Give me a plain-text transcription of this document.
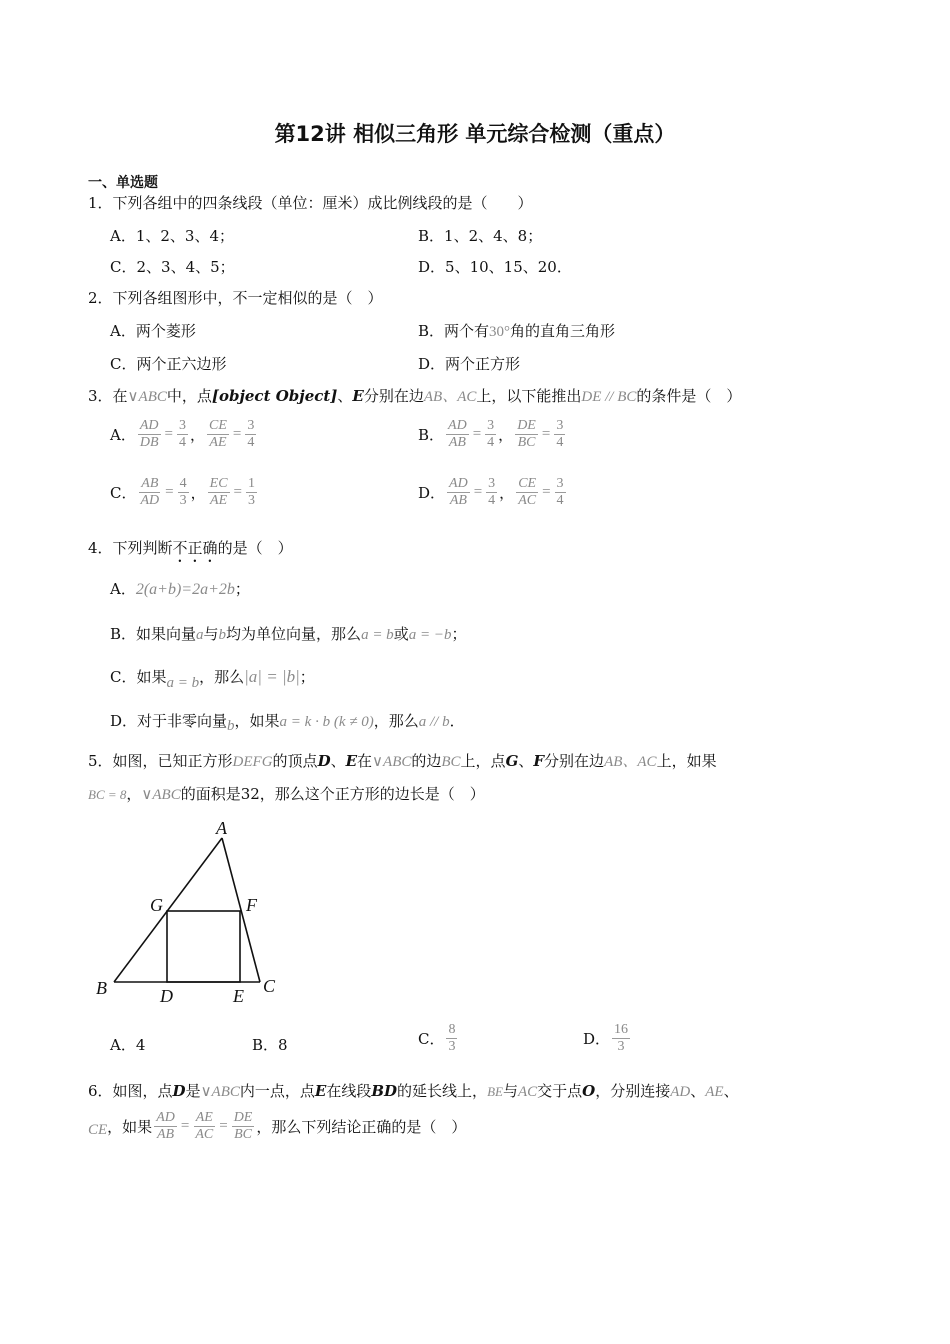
第12讲 相似三角形 单元综合检测（重点）
一、单选题
1．下列各组中的四条线段（单位：厘米）成比例线段的是（　　）
A．1、2、3、4；	B．1、2、4、8；
C．2、3、4、5；	D．5、10、15、20．
2．下列各组图形中，不一定相似的是（　）
A．两个菱形	B．两个有30°角的直角三角形
C．两个正六边形	D．两个正方形
3．在∨ABC中，点[object Object]、E分别在边AB、AC上，以下能推出DE // BC的条件是（　）
A． $\frac{AD}{DB} = \frac{3}{4}$ ， $\frac{CE}{AE} = \frac{3}{4}$	B． $\frac{AD}{AB} = \frac{3}{4}$ ， $\frac{DE}{BC} = \frac{3}{4}$
C． $\frac{AB}{AD} = \frac{4}{3}$ ， $\frac{EC}{AE} = \frac{1}{3}$	D． $\frac{AD}{AB} = \frac{3}{4}$ ， $\frac{CE}{AC} = \frac{3}{4}$
4．下列判断不正确的是（　）
A．2(a+b)=2a+2b；
B．如果向量a与b均为单位向量，那么a = b或a = −b；
C．如果a = b，那么|a| = |b|；
D．对于非零向量b，如果a = k · b (k ≠ 0)，那么a // b．
5．如图，已知正方形DEFG的顶点D、E在∨ABC的边BC上，点G、F分别在边AB、AC上，如果
BC = 8，∨ABC的面积是32，那么这个正方形的边长是（　）
A
B	C
D	E
F
G
A．4	B．8	C． $\frac{8}{3}$	D． $\frac{16}{3}$
6．如图，点D是∨ABC内一点，点E在线段BD的延长线上，BE与AC交于点O，分别连接AD、AE、
CE，如果 $\frac{AD}{AB} = \frac{AE}{AC} = \frac{DE}{BC}$ ，那么下列结论正确的是（　）
